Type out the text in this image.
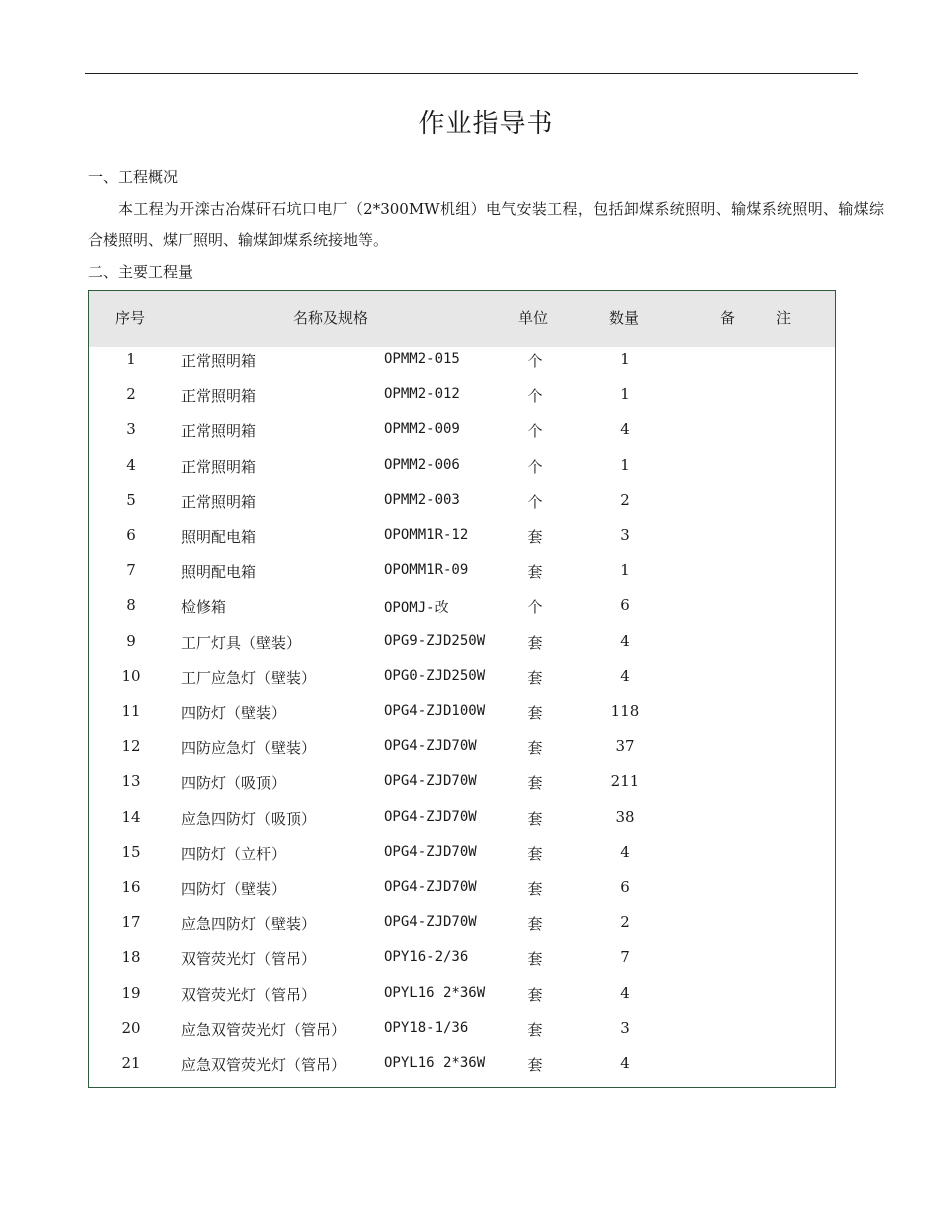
作业指导书
一、工程概况
本工程为开滦古冶煤矸石坑口电厂（2*300MW机组）电气安装工程，包括卸煤系统照明、输煤系统照明、输煤综合楼照明、煤厂照明、输煤卸煤系统接地等。
二、主要工程量
序号	名称及规格	单位	数量	备	注
1	正常照明箱	OPMM2-015	个	1
2	正常照明箱	OPMM2-012	个	1
3	正常照明箱	OPMM2-009	个	4
4	正常照明箱	OPMM2-006	个	1
5	正常照明箱	OPMM2-003	个	2
6	照明配电箱	OPOMM1R-12	套	3
7	照明配电箱	OPOMM1R-09	套	1
8	检修箱	OPOMJ-改	个	6
9	工厂灯具（壁装）	OPG9-ZJD250W	套	4
10	工厂应急灯（壁装）	OPG0-ZJD250W	套	4
11	四防灯（壁装）	OPG4-ZJD100W	套	118
12	四防应急灯（壁装）	OPG4-ZJD70W	套	37
13	四防灯（吸顶）	OPG4-ZJD70W	套	211
14	应急四防灯（吸顶）	OPG4-ZJD70W	套	38
15	四防灯（立杆）	OPG4-ZJD70W	套	4
16	四防灯（壁装）	OPG4-ZJD70W	套	6
17	应急四防灯（壁装）	OPG4-ZJD70W	套	2
18	双管荧光灯（管吊）	OPY16-2/36	套	7
19	双管荧光灯（管吊）	OPYL16 2*36W	套	4
20	应急双管荧光灯（管吊）	OPY18-1/36	套	3
21	应急双管荧光灯（管吊）	OPYL16 2*36W	套	4
